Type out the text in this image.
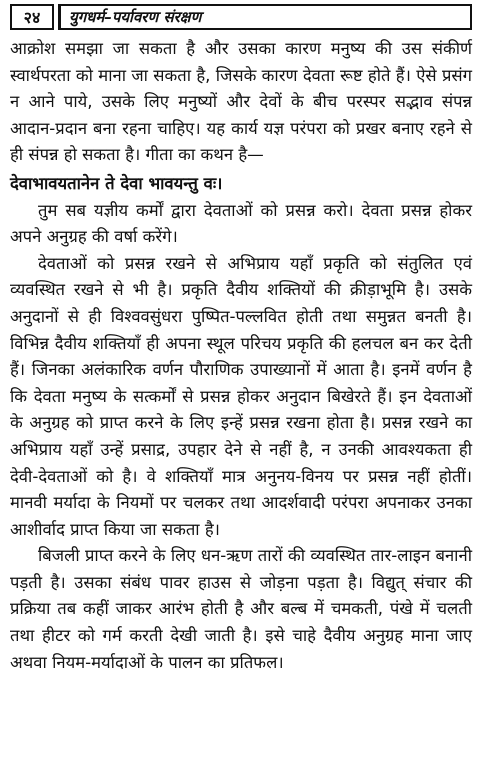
२४	युगधर्म–पर्यावरण संरक्षण

आक्रोश समझा जा सकता है और उसका कारण मनुष्य की उस संकीर्ण स्वार्थपरता को माना जा सकता है, जिसके कारण देवता रूष्ट होते हैं। ऐसे प्रसंग न आने पाये, उसके लिए मनुष्यों और देवों के बीच परस्पर सद्भाव संपन्न आदान-प्रदान बना रहना चाहिए। यह कार्य यज्ञ परंपरा को प्रखर बनाए रहने से ही संपन्न हो सकता है। गीता का कथन है—

देवाभावयतानेन ते देवा भावयन्तु वः।

तुम सब यज्ञीय कर्मों द्वारा देवताओं को प्रसन्न करो। देवता प्रसन्न होकर अपने अनुग्रह की वर्षा करेंगे।

देवताओं को प्रसन्न रखने से अभिप्राय यहाँ प्रकृति को संतुलित एवं व्यवस्थित रखने से भी है। प्रकृति दैवीय शक्तियों की क्रीड़ाभूमि है। उसके अनुदानों से ही विश्ववसुंधरा पुष्पित-पल्लवित होती तथा समुन्नत बनती है। विभिन्न दैवीय शक्तियाँ ही अपना स्थूल परिचय प्रकृति की हलचल बन कर देती हैं। जिनका अलंकारिक वर्णन पौराणिक उपाख्यानों में आता है। इनमें वर्णन है कि देवता मनुष्य के सत्कर्मों से प्रसन्न होकर अनुदान बिखेरते हैं। इन देवताओं के अनुग्रह को प्राप्त करने के लिए इन्हें प्रसन्न रखना होता है। प्रसन्न रखने का अभिप्राय यहाँ उन्हें प्रसाद्र, उपहार देने से नहीं है, न उनकी आवश्यकता ही देवी-देवताओं को है। वे शक्तियाँ मात्र अनुनय-विनय पर प्रसन्न नहीं होतीं। मानवी मर्यादा के नियमों पर चलकर तथा आदर्शवादी परंपरा अपनाकर उनका आशीर्वाद प्राप्त किया जा सकता है।

बिजली प्राप्त करने के लिए धन-ऋण तारों की व्यवस्थित तार-लाइन बनानी पड़ती है। उसका संबंध पावर हाउस से जोड़ना पड़ता है। विद्युत् संचार की प्रक्रिया तब कहीं जाकर आरंभ होती है और बल्ब में चमकती, पंखे में चलती तथा हीटर को गर्म करती देखी जाती है। इसे चाहे दैवीय अनुग्रह माना जाए अथवा नियम-मर्यादाओं के पालन का प्रतिफल।
